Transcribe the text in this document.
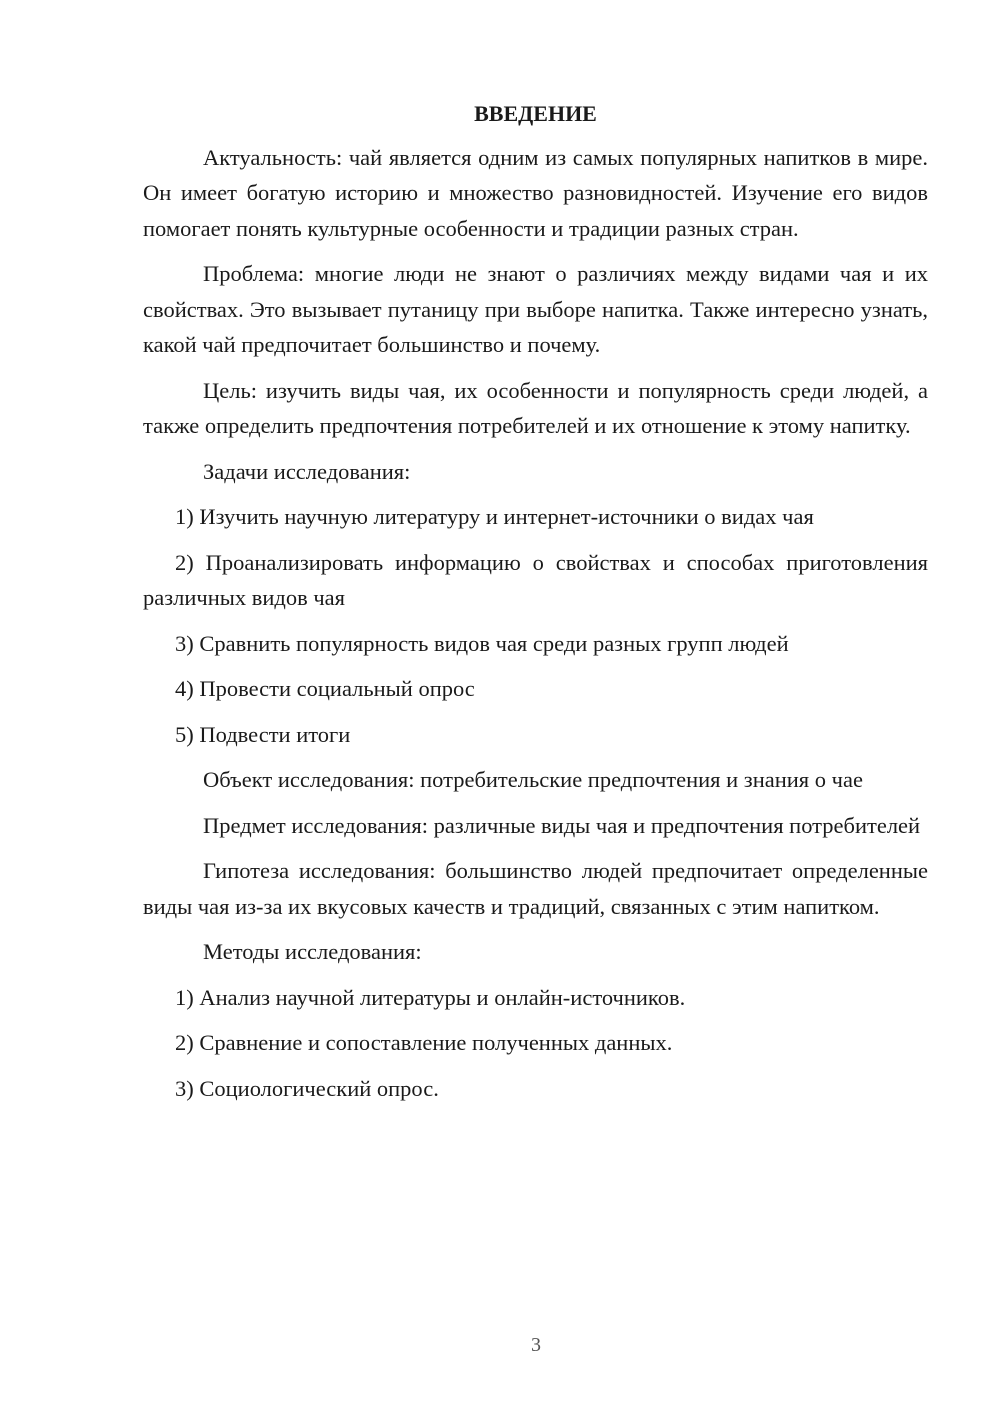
ВВЕДЕНИЕ

Актуальность: чай является одним из самых популярных напитков в мире. Он имеет богатую историю и множество разновидностей. Изучение его видов помогает понять культурные особенности и традиции разных стран.

Проблема: многие люди не знают о различиях между видами чая и их свойствах. Это вызывает путаницу при выборе напитка. Также интересно узнать, какой чай предпочитает большинство и почему.

Цель: изучить виды чая, их особенности и популярность среди людей, а также определить предпочтения потребителей и их отношение к этому напитку.

Задачи исследования:

1) Изучить научную литературу и интернет-источники о видах чая

2) Проанализировать информацию о свойствах и способах приготовления различных видов чая

3) Сравнить популярность видов чая среди разных групп людей

4) Провести социальный опрос

5) Подвести итоги

Объект исследования: потребительские предпочтения и знания о чае

Предмет исследования: различные виды чая и предпочтения потребителей

Гипотеза исследования: большинство людей предпочитает определенные виды чая из-за их вкусовых качеств и традиций, связанных с этим напитком.

Методы исследования:

1) Анализ научной литературы и онлайн-источников.

2) Сравнение и сопоставление полученных данных.

3) Социологический опрос.

3
